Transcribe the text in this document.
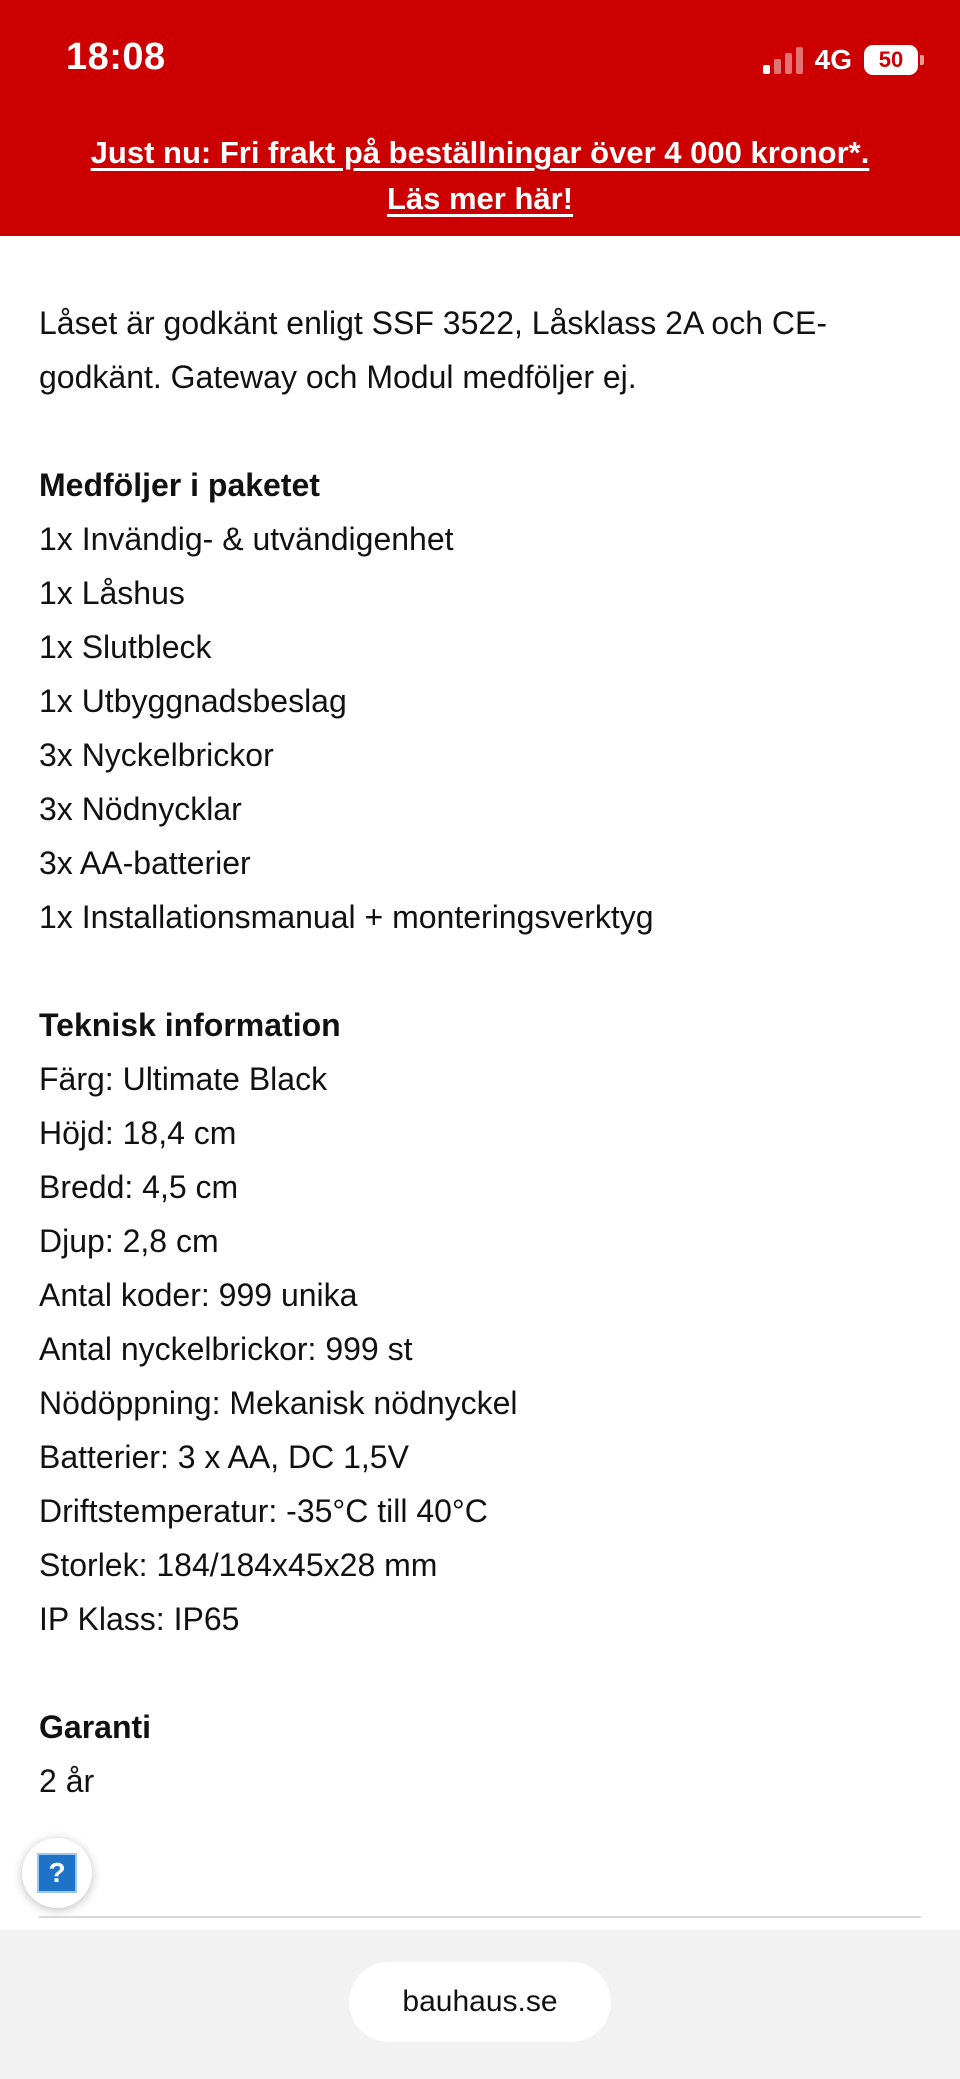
18:08	4G	50
Just nu: Fri frakt på beställningar över 4 000 kronor*.
Läs mer här!

Låset är godkänt enligt SSF 3522, Låsklass 2A och CE-

godkänt. Gateway och Modul medföljer ej.

Medföljer i paketet

1x Invändig- & utvändigenhet

1x Låshus

1x Slutbleck

1x Utbyggnadsbeslag

3x Nyckelbrickor

3x Nödnycklar

3x AA-batterier

1x Installationsmanual + monteringsverktyg

Teknisk information

Färg: Ultimate Black

Höjd: 18,4 cm

Bredd: 4,5 cm

Djup: 2,8 cm

Antal koder: 999 unika

Antal nyckelbrickor: 999 st

Nödöppning: Mekanisk nödnyckel

Batterier: 3 x AA, DC 1,5V

Driftstemperatur: -35°C till 40°C

Storlek: 184/184x45x28 mm

IP Klass: IP65

Garanti

2 år

?
bauhaus.se
